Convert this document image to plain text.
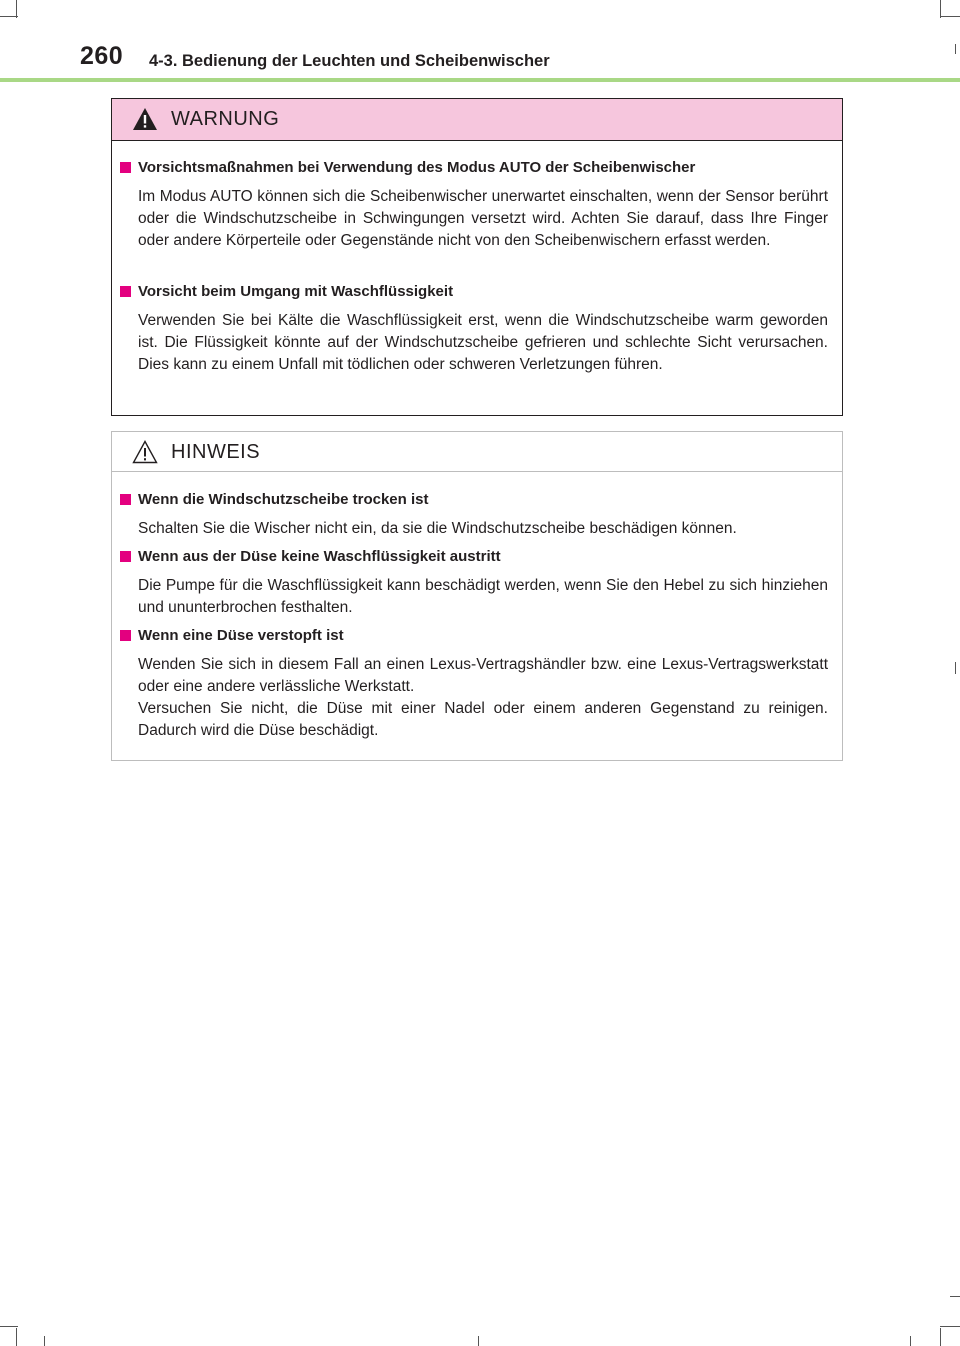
260 4-3. Bedienung der Leuchten und Scheibenwischer
WARNUNG
Vorsichtsmaßnahmen bei Verwendung des Modus AUTO der Scheibenwischer
Im Modus AUTO können sich die Scheibenwischer unerwartet einschalten, wenn der Sensor berührt oder die Windschutzscheibe in Schwingungen versetzt wird. Achten Sie darauf, dass Ihre Finger oder andere Körperteile oder Gegenstände nicht von den Scheibenwischern erfasst werden.
Vorsicht beim Umgang mit Waschflüssigkeit
Verwenden Sie bei Kälte die Waschflüssigkeit erst, wenn die Windschutzscheibe warm geworden ist. Die Flüssigkeit könnte auf der Windschutzscheibe gefrieren und schlechte Sicht verursachen. Dies kann zu einem Unfall mit tödlichen oder schweren Verletzungen führen.
HINWEIS
Wenn die Windschutzscheibe trocken ist
Schalten Sie die Wischer nicht ein, da sie die Windschutzscheibe beschädigen können.
Wenn aus der Düse keine Waschflüssigkeit austritt
Die Pumpe für die Waschflüssigkeit kann beschädigt werden, wenn Sie den Hebel zu sich hinziehen und ununterbrochen festhalten.
Wenn eine Düse verstopft ist
Wenden Sie sich in diesem Fall an einen Lexus-Vertragshändler bzw. eine Lexus-Vertragswerkstatt oder eine andere verlässliche Werkstatt.
Versuchen Sie nicht, die Düse mit einer Nadel oder einem anderen Gegenstand zu reinigen. Dadurch wird die Düse beschädigt.
